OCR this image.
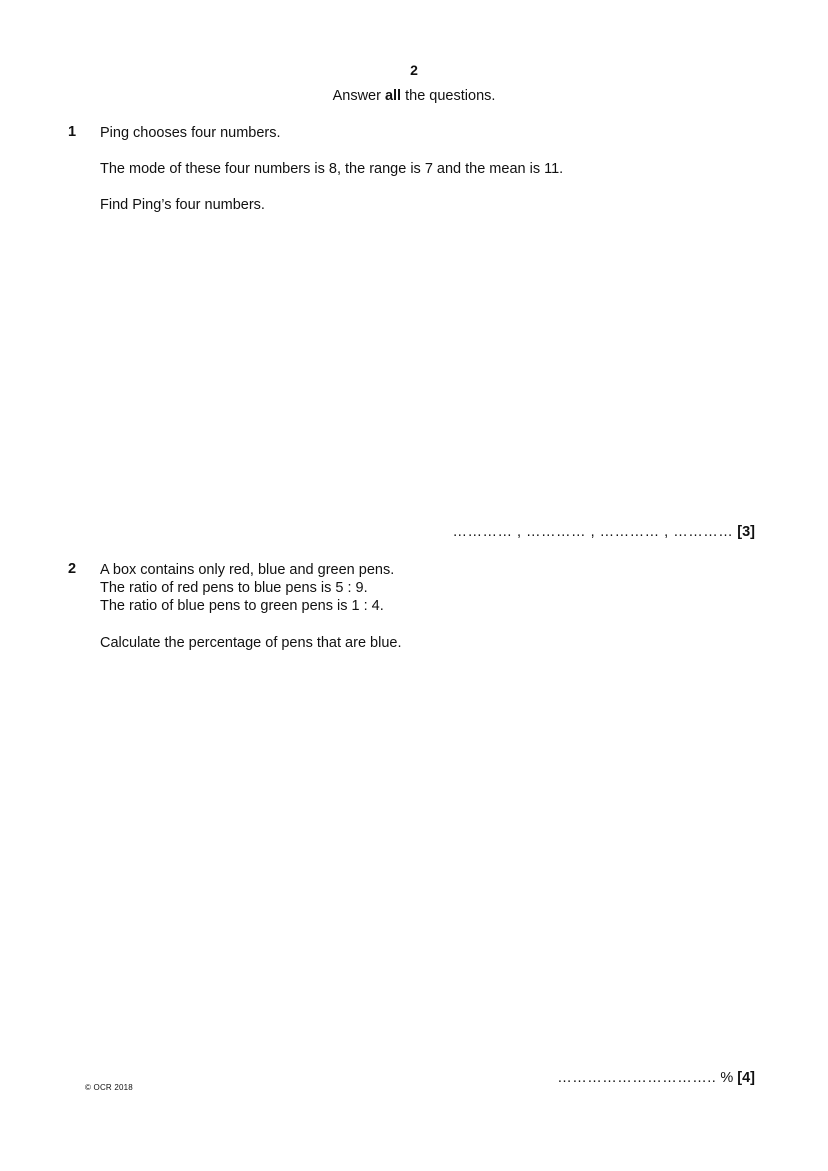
2
Answer all the questions.
1 Ping chooses four numbers.
The mode of these four numbers is 8, the range is 7 and the mean is 11.
Find Ping’s four numbers.
………… , ………… , ………… , ………… [3]
2 A box contains only red, blue and green pens.
The ratio of red pens to blue pens is 5 : 9.
The ratio of blue pens to green pens is 1 : 4.
Calculate the percentage of pens that are blue.
………………………….. % [4]
© OCR 2018
